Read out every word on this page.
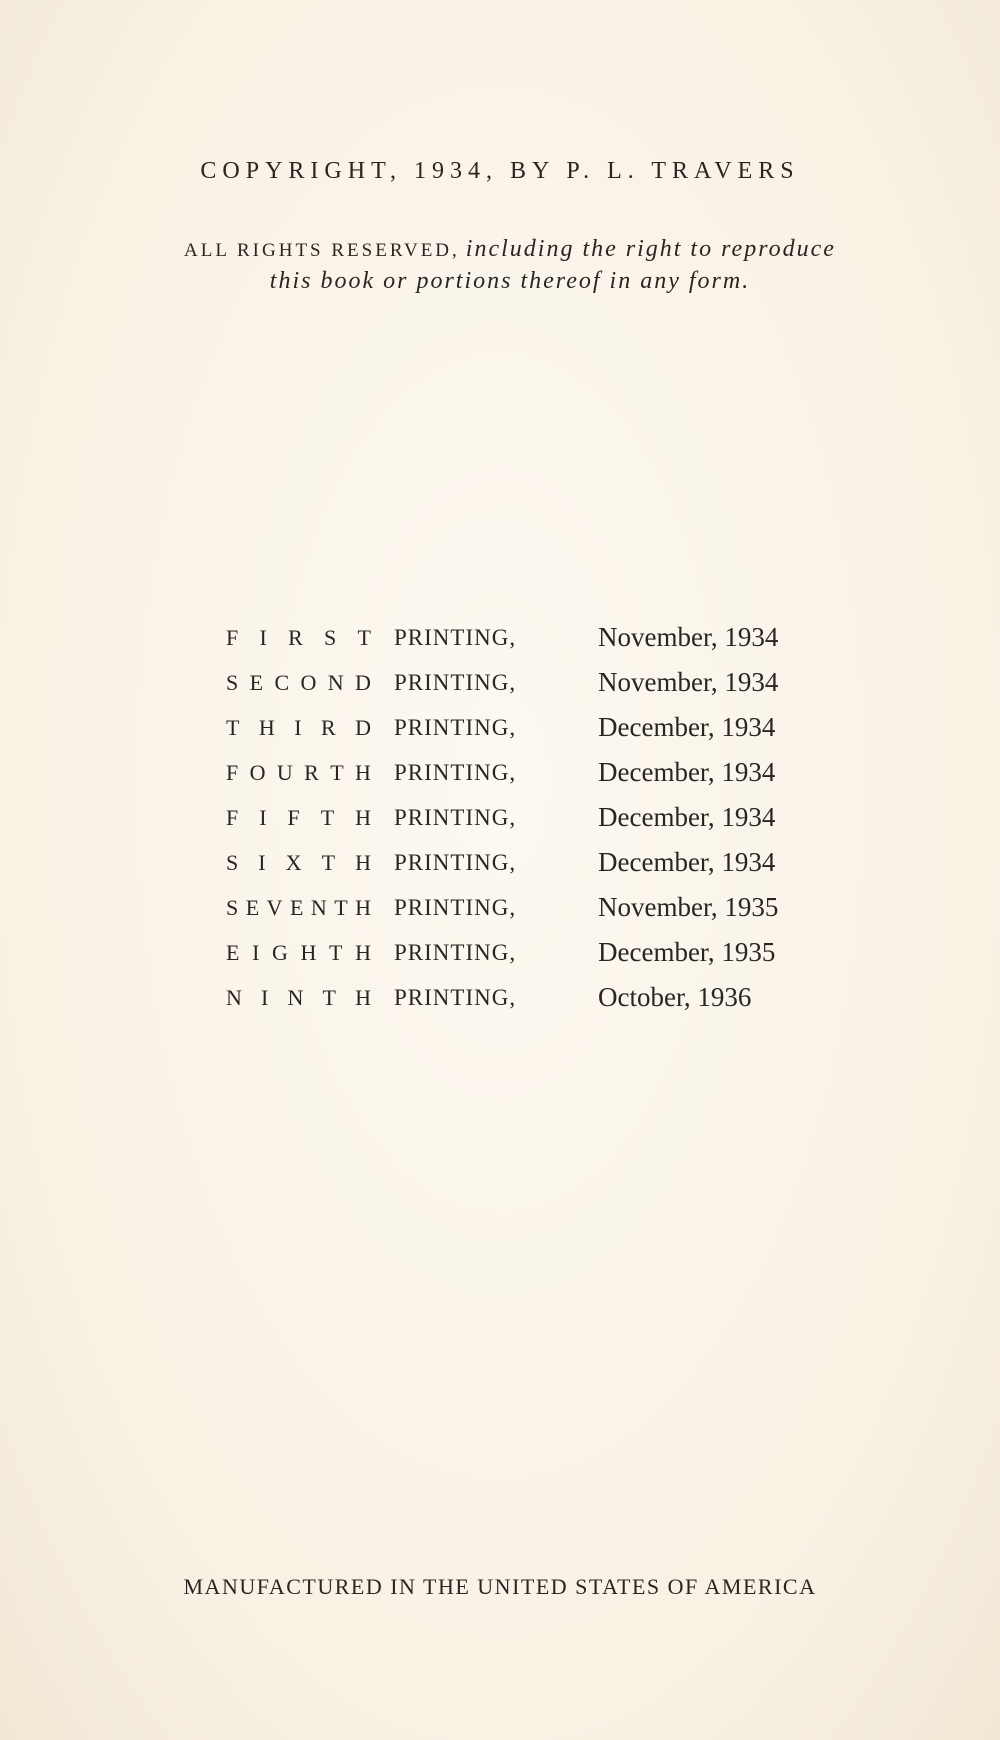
COPYRIGHT, 1934, BY P. L. TRAVERS
ALL RIGHTS RESERVED, including the right to reproduce this book or portions thereof in any form.
F I R S T PRINTING,	November, 1934
S E C O N D PRINTING,	November, 1934
T H I R D PRINTING,	December, 1934
F O U R T H PRINTING,	December, 1934
F I F T H PRINTING,	December, 1934
S I X T H PRINTING,	December, 1934
S E V E N T H PRINTING,	November, 1935
E I G H T H PRINTING,	December, 1935
N I N T H PRINTING,	October, 1936
MANUFACTURED IN THE UNITED STATES OF AMERICA
